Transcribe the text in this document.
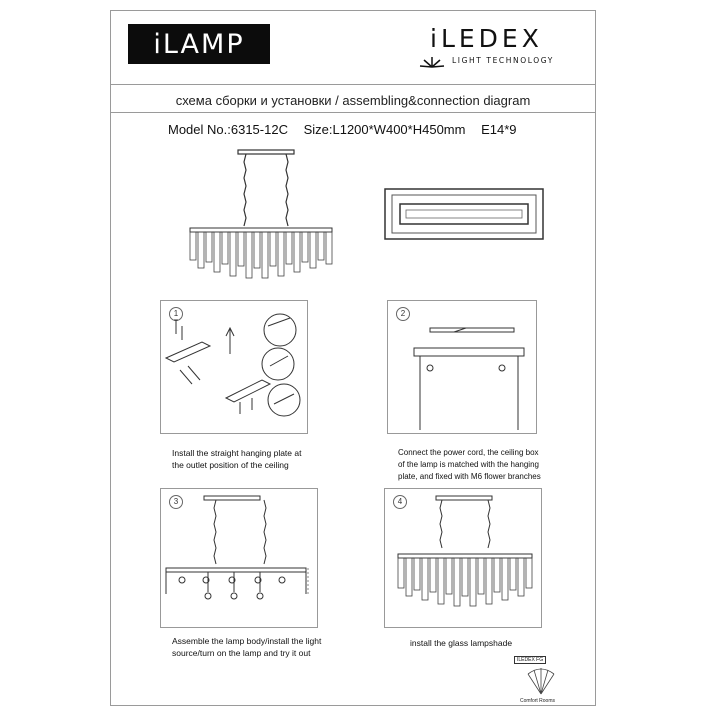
iLAMP	iLEDEX
LIGHT TECHNOLOGY
схема сборки и установки / assembling&connection diagram
Model No.:6315-12C Size:L1200*W400*H450mm E14*9
1
Install the straight hanging plate at
the outlet position of the ceiling
2
Connect the power cord, the ceiling box
of the lamp is matched with the hanging
plate, and fixed with M6 flower branches
3
Assemble the lamp body/install the light
source/turn on the lamp and try it out
4
install the glass lampshade
ILEDEX FG
Comfort Rooms
